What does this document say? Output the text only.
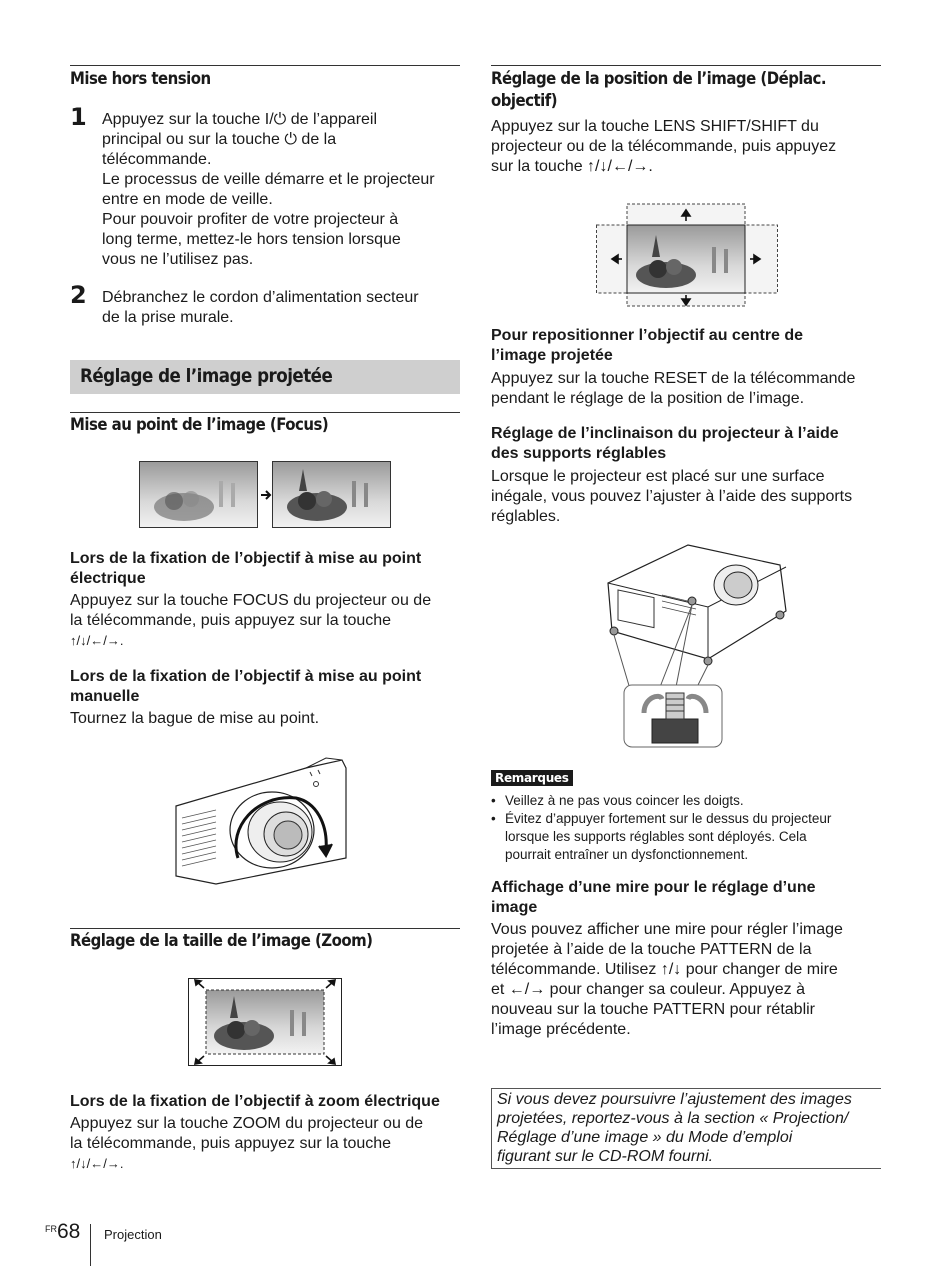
Mise hors tension
1 Appuyez sur la touche I/⏻ de l’appareil
principal ou sur la touche ⏻ de la
télécommande.
Le processus de veille démarre et le projecteur
entre en mode de veille.
Pour pouvoir profiter de votre projecteur à
long terme, mettez-le hors tension lorsque
vous ne l’utilisez pas.
2 Débranchez le cordon d’alimentation secteur
de la prise murale.
Réglage de l’image projetée
Mise au point de l’image (Focus)
Lors de la fixation de l’objectif à mise au point
électrique
Appuyez sur la touche FOCUS du projecteur ou de
la télécommande, puis appuyez sur la touche
↑/↓/←/→.
Lors de la fixation de l’objectif à mise au point
manuelle
Tournez la bague de mise au point.
Réglage de la taille de l’image (Zoom)
Lors de la fixation de l’objectif à zoom électrique
Appuyez sur la touche ZOOM du projecteur ou de
la télécommande, puis appuyez sur la touche
↑/↓/←/→.
Réglage de la position de l’image (Déplac.
objectif)
Appuyez sur la touche LENS SHIFT/SHIFT du
projecteur ou de la télécommande, puis appuyez
sur la touche ↑/↓/←/→.
Pour repositionner l’objectif au centre de
l’image projetée
Appuyez sur la touche RESET de la télécommande
pendant le réglage de la position de l’image.
Réglage de l’inclinaison du projecteur à l’aide
des supports réglables
Lorsque le projecteur est placé sur une surface
inégale, vous pouvez l’ajuster à l’aide des supports
réglables.
Remarques
• Veillez à ne pas vous coincer les doigts.
• Évitez d’appuyer fortement sur le dessus du projecteur
lorsque les supports réglables sont déployés. Cela
pourrait entraîner un dysfonctionnement.
Affichage d’une mire pour le réglage d’une
image
Vous pouvez afficher une mire pour régler l’image
projetée à l’aide de la touche PATTERN de la
télécommande. Utilisez ↑/↓ pour changer de mire
et ←/→ pour changer sa couleur. Appuyez à
nouveau sur la touche PATTERN pour rétablir
l’image précédente.
Si vous devez poursuivre l’ajustement des images
projetées, reportez-vous à la section « Projection/
Réglage d’une image » du Mode d’emploi
figurant sur le CD-ROM fourni.
FR 68 Projection
